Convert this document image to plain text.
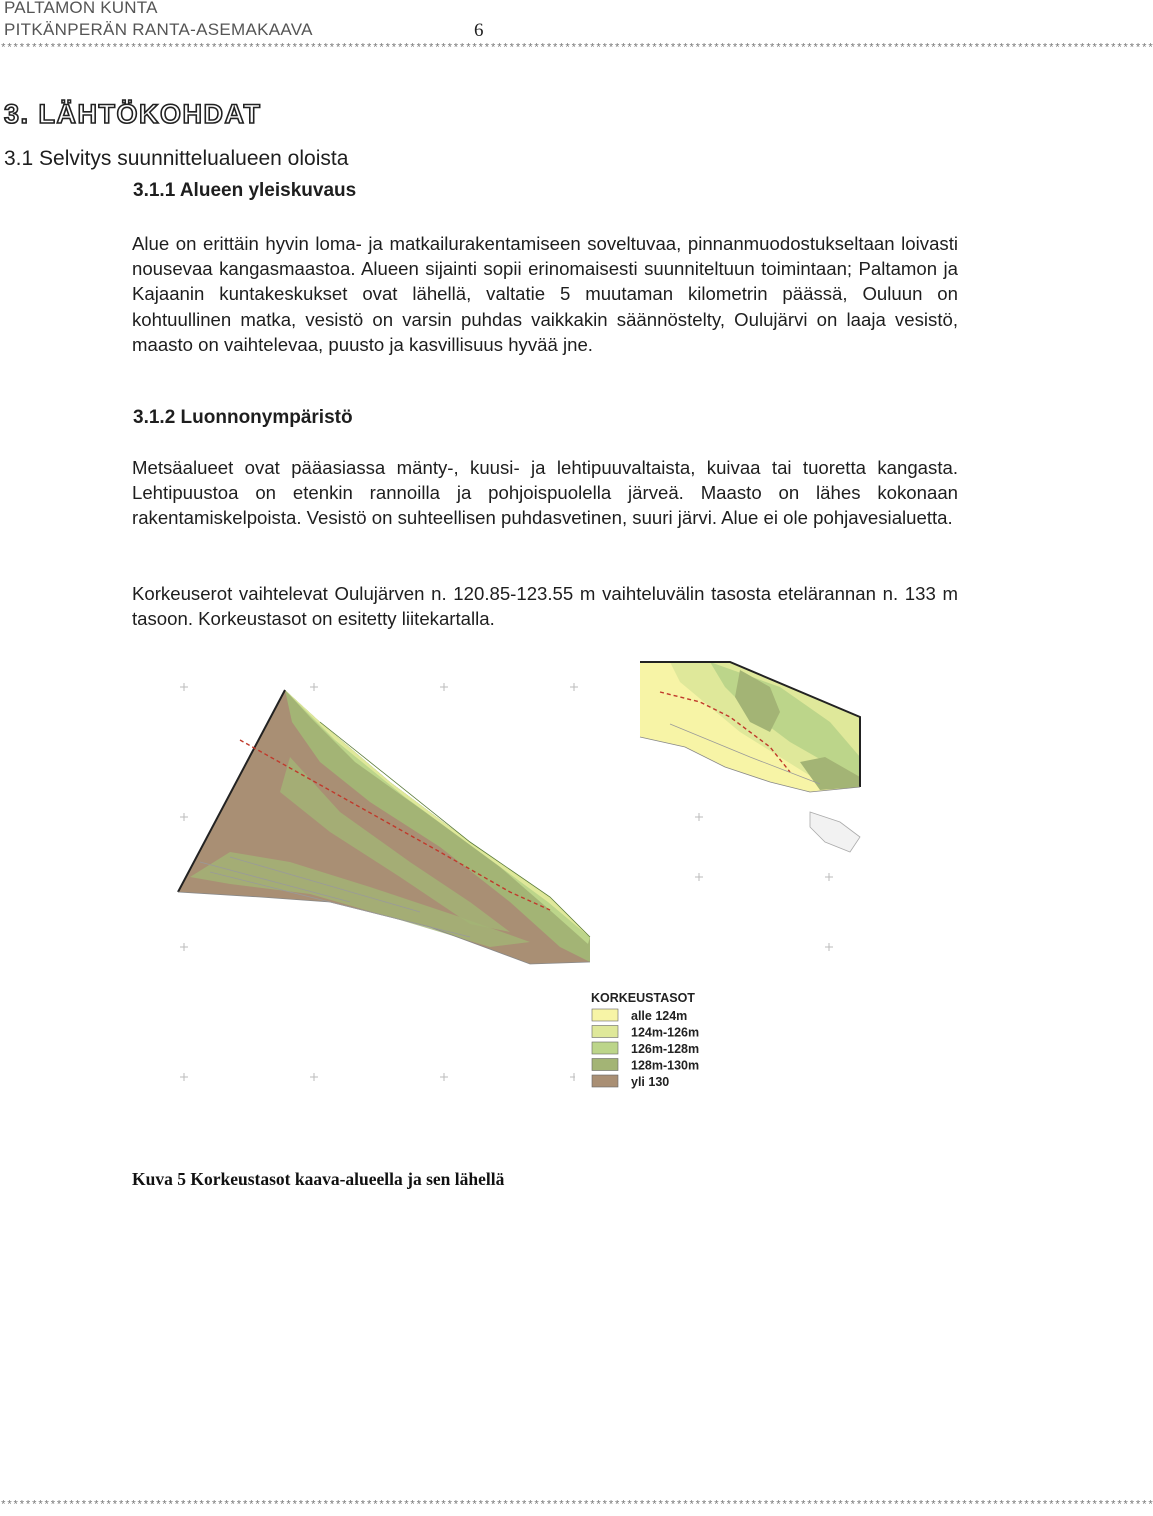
PALTAMON KUNTA
PITKÄNPERÄN RANTA-ASEMAKAAVA	6
******************************************************************************************************************************************************************************************
3. LÄHTÖKOHDAT
3.1 Selvitys suunnittelualueen oloista
3.1.1 Alueen yleiskuvaus

Alue on erittäin hyvin loma- ja matkailurakentamiseen soveltuvaa, pinnanmuodostukseltaan loivasti nousevaa kangasmaastoa. Alueen sijainti sopii erinomaisesti suunniteltuun toimintaan; Paltamon ja Kajaanin kuntakeskukset ovat lähellä, valtatie 5 muutaman kilometrin päässä, Ouluun on kohtuullinen matka, vesistö on varsin puhdas vaikkakin säännöstelty, Oulujärvi on laaja vesistö, maasto on vaihtelevaa, puusto ja kasvillisuus hyvää jne.

3.1.2 Luonnonympäristö

Metsäalueet ovat pääasiassa mänty-, kuusi- ja lehtipuuvaltaista, kuivaa tai tuoretta kangasta. Lehtipuustoa on etenkin rannoilla ja pohjoispuolella järveä. Maasto on lähes kokonaan rakentamiskelpoista. Vesistö on suhteellisen puhdasvetinen, suuri järvi. Alue ei ole pohjavesialuetta.

Korkeuserot vaihtelevat Oulujärven n. 120.85-123.55 m vaihteluvälin tasosta etelärannan n. 133 m tasoon. Korkeustasot on esitetty liitekartalla.

KORKEUSTASOT
alle 124m
124m-126m
126m-128m
128m-130m
yli 130
Kuva 5 Korkeustasot kaava-alueella ja sen lähellä
******************************************************************************************************************************************************************************************
